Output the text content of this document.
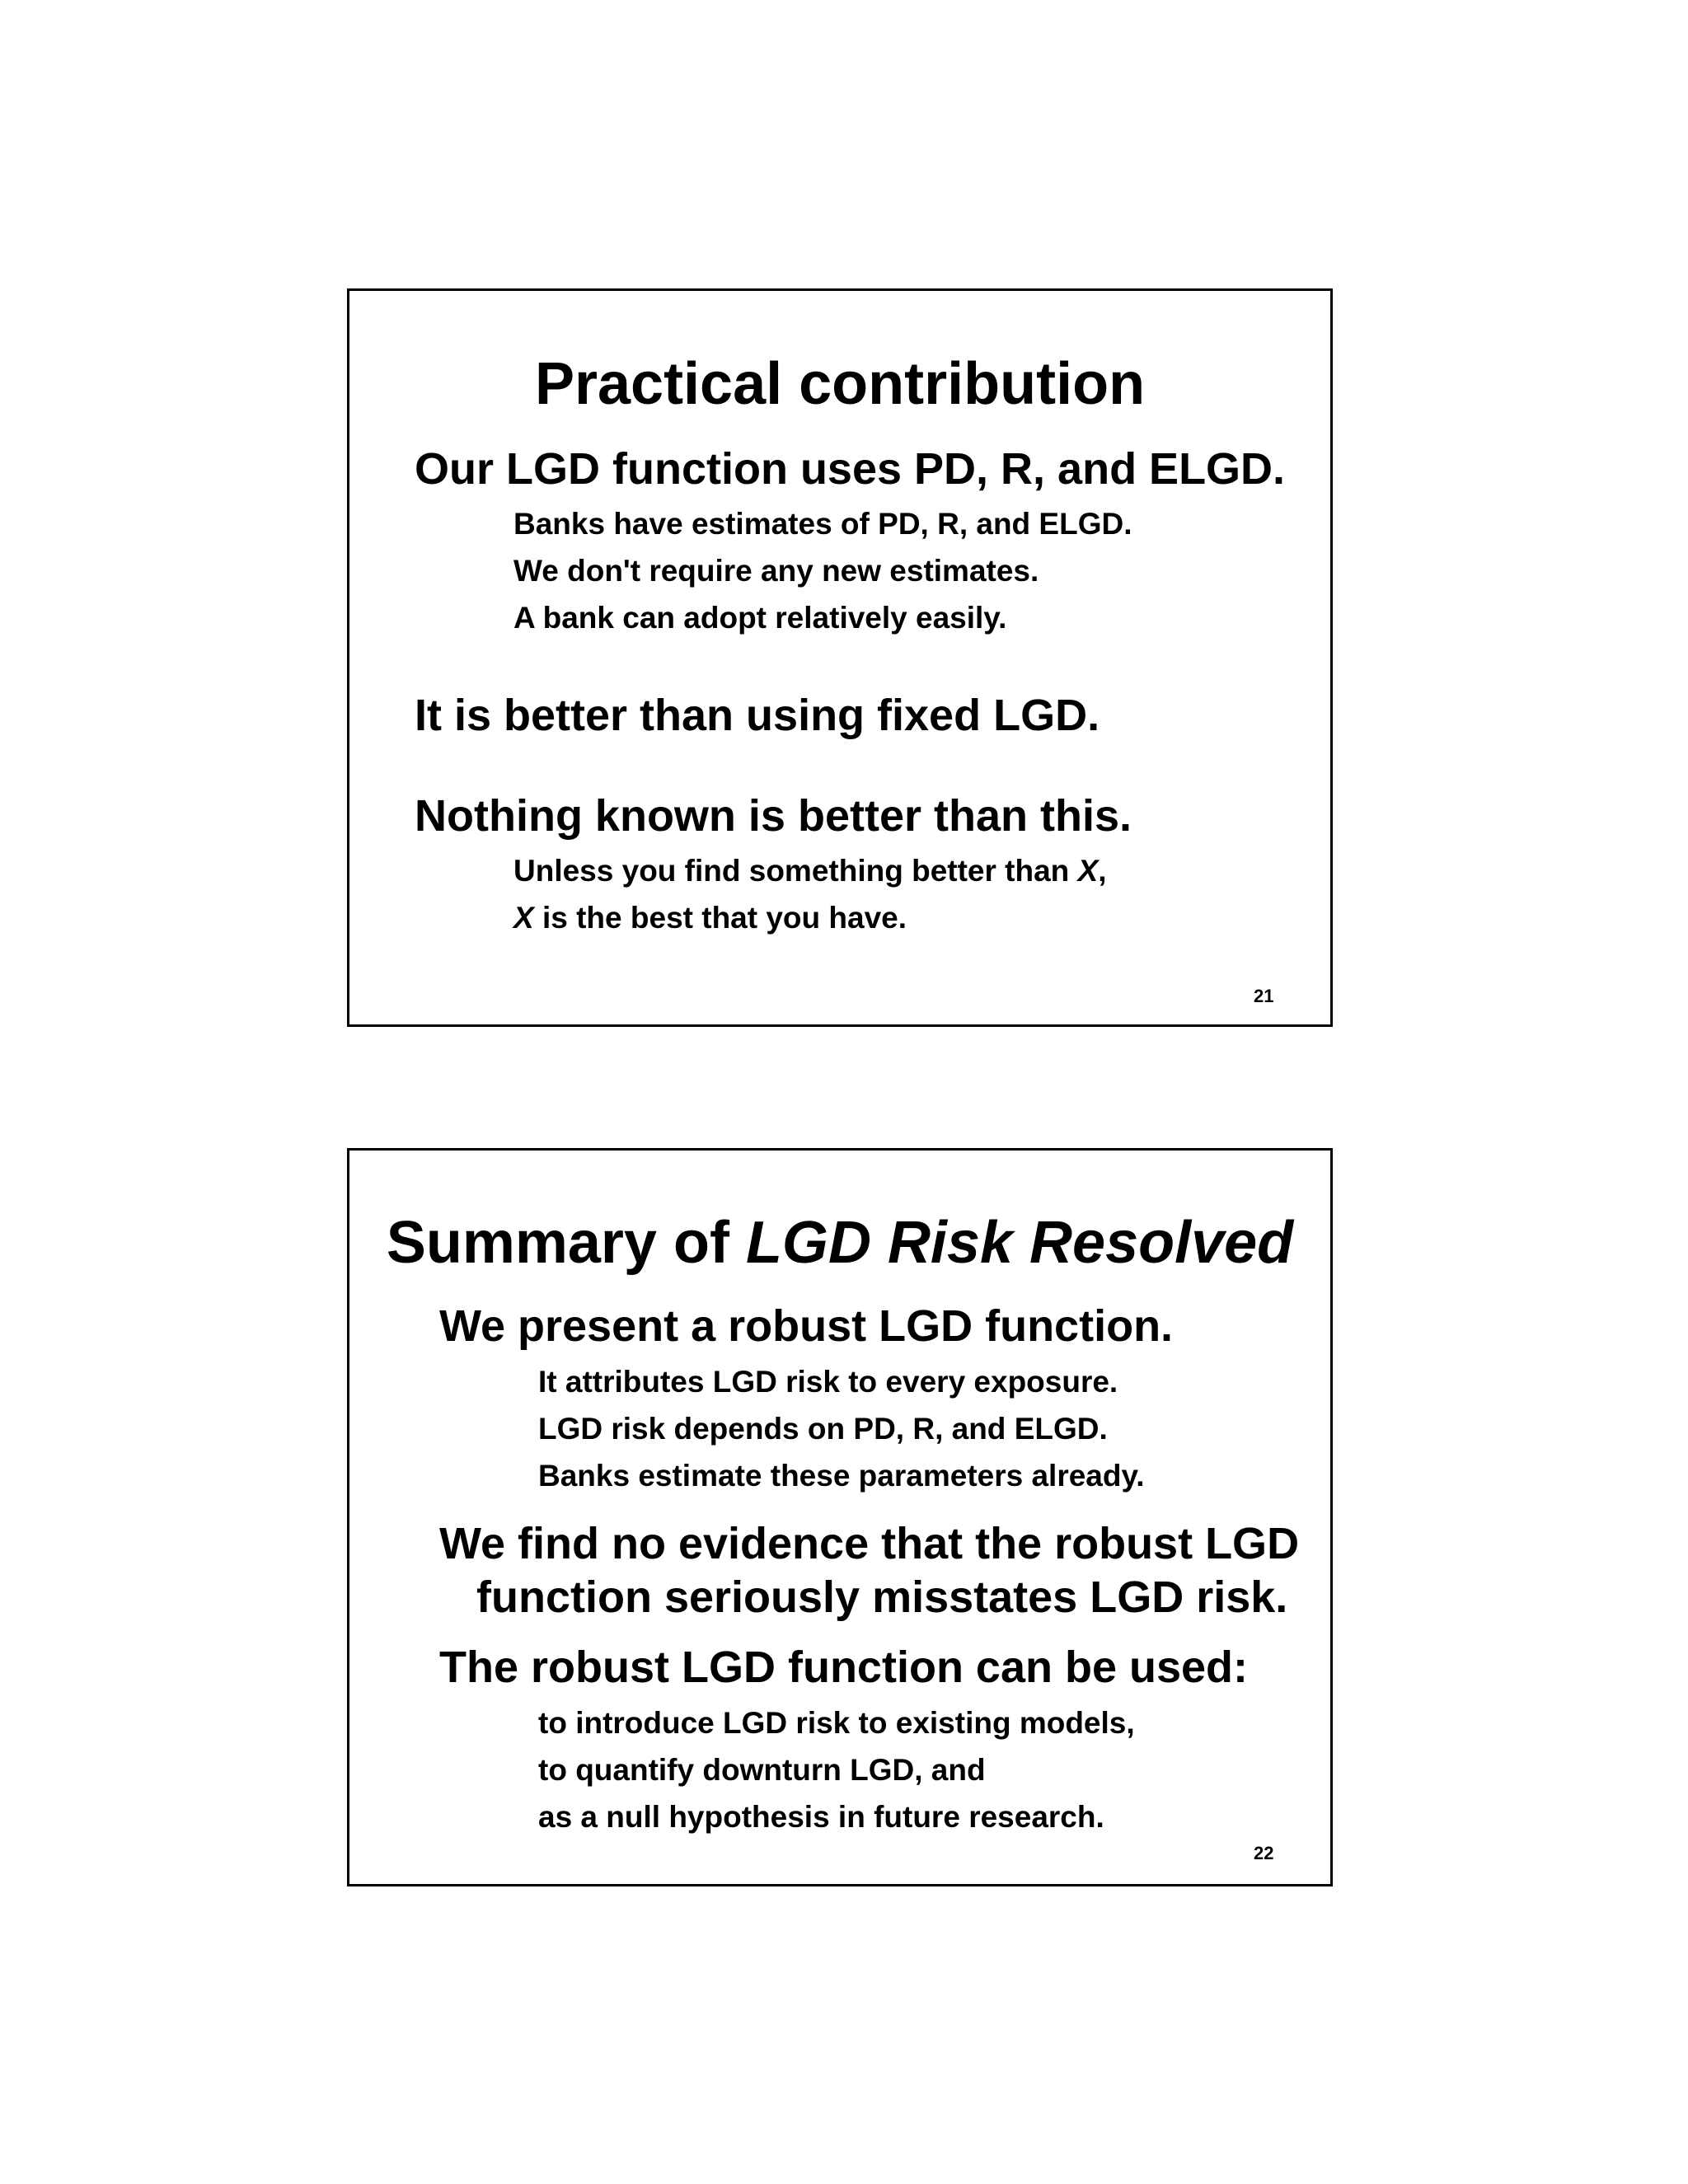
Practical contribution
Our LGD function uses PD, R, and ELGD.
Banks have estimates of PD, R, and ELGD.
We don't require any new estimates.
A bank can adopt relatively easily.
It is better than using fixed LGD.
Nothing known is better than this.
Unless you find something better than X,
X is the best that you have.
21
Summary of LGD Risk Resolved
We present a robust LGD function.
It attributes LGD risk to every exposure.
LGD risk depends on PD, R, and ELGD.
Banks estimate these parameters already.
We find no evidence that the robust LGD
function seriously misstates LGD risk.
The robust LGD function can be used:
to introduce LGD risk to existing models,
to quantify downturn LGD, and
as a null hypothesis in future research.
22
